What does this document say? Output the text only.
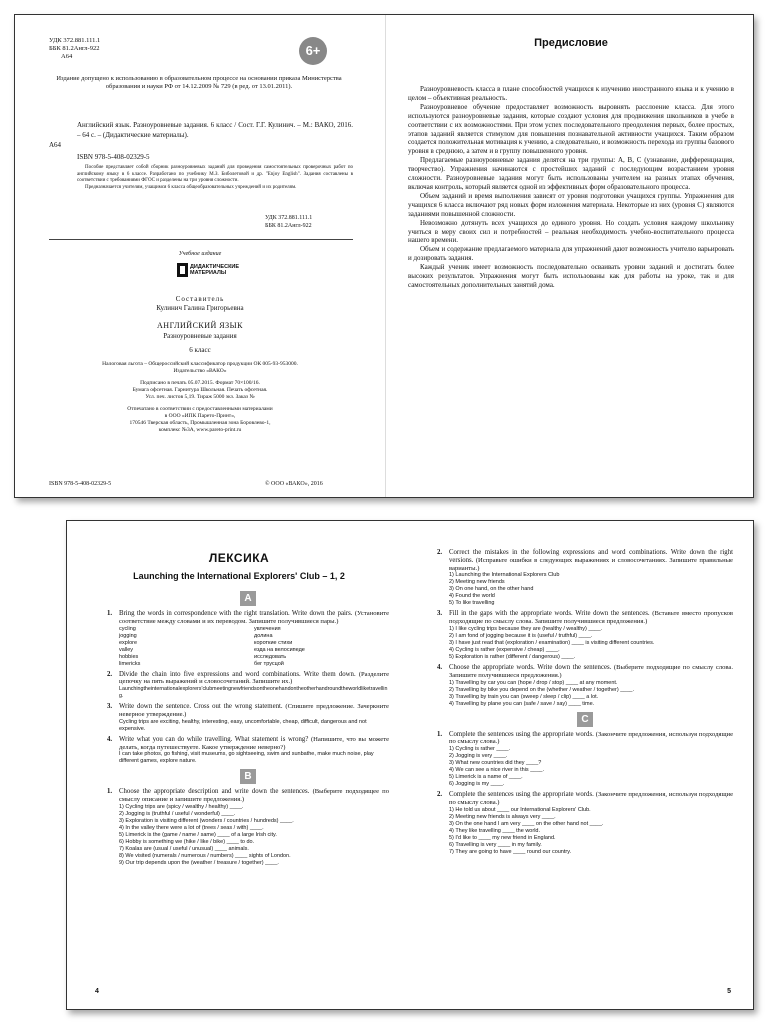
УДК 372.881.111.1
ББК 81.2Англ-922
А64	6+
Издание допущено к использованию в образовательном процессе на основании приказа Министерства образования и науки РФ от 14.12.2009 № 729 (в ред. от 13.01.2011).
А64
Английский язык. Разноуровневые задания. 6 класс / Сост. Г.Г. Кулинич. – М.: ВАКО, 2016. – 64 с. – (Дидактические материалы).
ISBN 978-5-408-02329-5

Пособие представляет собой сборник разноуровневых заданий для проведения самостоятельных проверочных работ по английскому языку в 6 классе. Разработано по учебнику М.З. Биболетовой и др. "Enjoy English". Задания составлены в соответствии с требованиями ФГОС и разделены на три уровня сложности.

Предназначается учителям, учащимся 6 класса общеобразовательных учреждений и их родителям.

УДК 372.881.111.1
ББК 81.2Англ-922
Учебное издание
ДИДАКТИЧЕСКИЕ
МАТЕРИАЛЫ
Составитель
Кулинич Галина Григорьевна
АНГЛИЙСКИЙ ЯЗЫК
Разноуровневые задания
6 класс
Налоговая льгота – Общероссийский классификатор продукции ОК 005-93-953000.
Издательство «ВАКО»
Подписано в печать 05.07.2015. Формат 70×100/16.
Бумага офсетная. Гарнитура Школьная. Печать офсетная.
Усл. печ. листов 5,19. Тираж 5000 экз. Заказ №
Отпечатано в соответствии с предоставленными материалами
в ООО «ИПК Парето-Принт»,
170546 Тверская область, Промышленная зона Боровлево-1,
комплекс №3А, www.pareto-print.ru
ISBN 978-5-408-02329-5	© ООО «ВАКО», 2016
Предисловие

Разноуровневость класса в плане способностей учащихся к изучению иностранного языка и к учению в целом – объективная реальность.

Разноуровневое обучение предоставляет возможность выровнять расслоение класса. Для этого используются разноуровневые задания, которые создают условия для продвижения школьников в учебе в соответствии с их возможностями. При этом успех последовательного преодоления первых, более простых, этапов заданий является стимулом для повышения познавательной активности учащихся. Таким образом создается положительная мотивация к учению, а следовательно, и возможность перехода из группы базового уровня в среднюю, а затем и в группу повышенного уровня.

Предлагаемые разноуровневые задания делятся на три группы: А, В, С (узнавание, дифференциация, творчество). Упражнения начинаются с простейших заданий с последующим возрастанием уровня сложности. Разноуровневые задания могут быть использованы учителем на разных этапах обучения, включая контроль, который является одной из эффективных форм образовательного процесса.

Объем заданий и время выполнения зависят от уровня подготовки учащихся группы. Упражнения для учащихся 6 класса включают ряд новых форм изложения материала. Некоторые из них (уровня С) являются заданиями повышенной сложности.

Невозможно дотянуть всех учащихся до единого уровня. Но создать условия каждому школьнику учиться в меру своих сил и потребностей – реальная необходимость учебно-воспитательного процесса нашего времени.

Объем и содержание предлагаемого материала для упражнений дают возможность учителю варьировать и дозировать задания.

Каждый ученик имеет возможность последовательно осваивать уровни заданий и достигать более высоких результатов. Упражнения могут быть использованы как для работы на уроке, так и для самостоятельных дополнительных занятий дома.

ЛЕКСИКА
Launching the International Explorers' Club – 1, 2
A
1.	Bring the words in correspondence with the right translation. Write down the pairs. (Установите соответствие между словами и их переводом. Запишите получившиеся пары.)
cycling	увлечения
jogging	долина
explore	короткие стихи
valley	езда на велосипеде
hobbies	исследовать
limericks	бег трусцой
2.	Divide the chain into five expressions and word combinations. Write them down. (Разделите цепочку на пять выражений и словосочетаний. Запишите их.)
Launchingtheinternationalexplorers'clubmeetingnewfriendsontheonehandontheotherhandroundtheworldliketravelling.
3.	Write down the sentence. Cross out the wrong statement. (Спишите предложение. Зачеркните неверное утверждение.)
Cycling trips are exciting, healthy, interesting, easy, uncomfortable, cheap, difficult, dangerous and not expensive.
4.	Write what you can do while travelling. What statement is wrong? (Напишите, что вы можете делать, когда путешествуете. Какое утверждение неверно?)
I can take photos, go fishing, visit museums, go sightseeing, swim and sunbathe, make much noise, play different games, explore nature.
B
1.	Choose the appropriate description and write down the sentences. (Выберите подходящее по смыслу описание и запишите предложения.)
1) Cycling trips are (spicy / wealthy / healthy) ____.
2) Jogging is (truthful / useful / wonderful) ____.
3) Exploration is visiting different (wonders / countries / hundreds) ____.
4) In the valley there were a lot of (trees / seas / with) ____.
5) Limerick is the (game / name / same) ____ of a large Irish city.
6) Hobby is something we (hike / like / bike) ____ to do.
7) Koalas are (usual / useful / unusual) ____ animals.
8) We visited (numerals / numerous / numbers) ____ sights of London.
9) Our trip depends upon the (weather / treasure / together) ____.
4
2.	Correct the mistakes in the following expressions and word combinations. Write down the right versions. (Исправьте ошибки в следующих выражениях и словосочетаниях. Запишите правильные варианты.)
1) Launching the International Explorers Club
2) Meeting new friends
3) On one hand, on the other hand
4) Found the world
5) To like travelling
3.	Fill in the gaps with the appropriate words. Write down the sentences. (Вставьте вместо пропусков подходящие по смыслу слова. Запишите получившиеся предложения.)
1) I like cycling trips because they are (healthy / wealthy) ____.
2) I am fond of jogging because it is (useful / truthful) ____.
3) I have just read that (exploration / examination) ____ is visiting different countries.
4) Cycling is rather (expensive / cheap) ____.
5) Exploration is rather (different / dangerous) ____.
4.	Choose the appropriate words. Write down the sentences. (Выберите подходящие по смыслу слова. Запишите получившиеся предложения.)
1) Travelling by car you can (hope / drop / stop) ____ at any moment.
2) Travelling by bike you depend on the (whether / weather / together) ____.
3) Travelling by train you can (sweep / sleep / clip) ____ a lot.
4) Travelling by plane you can (safe / save / say) ____ time.
C
1.	Complete the sentences using the appropriate words. (Закончите предложения, используя подходящие по смыслу слова.)
1) Cycling is rather ____.
2) Jogging is very ____.
3) What new countries did they ____?
4) We can see a nice river in this ____.
5) Limerick is a name of ____.
6) Jogging is my ____.
2.	Complete the sentences using the appropriate words. (Закончите предложения, используя подходящие по смыслу слова.)
1) He told us about ____ our International Explorers' Club.
2) Meeting new friends is always very ____.
3) On the one hand I am very ____ on the other hand not ____.
4) They like travelling ____ the world.
5) I'd like to ____ my new friend in England.
6) Travelling is very ____ in my family.
7) They are going to have ____ round our country.
5
